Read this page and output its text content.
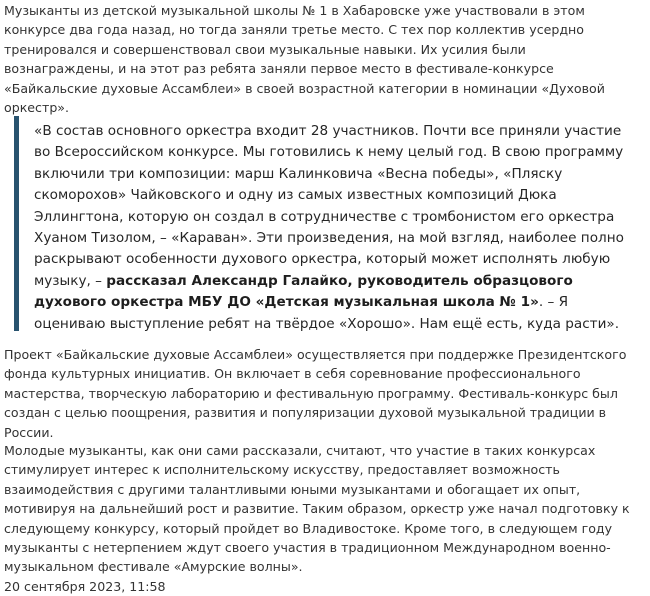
Музыканты из детской музыкальной школы № 1 в Хабаровске уже участвовали в этом конкурсе два года назад, но тогда заняли третье место. С тех пор коллектив усердно тренировался и совершенствовал свои музыкальные навыки. Их усилия были вознаграждены, и на этот раз ребята заняли первое место в фестивале-конкурсе «Байкальские духовые Ассамблеи» в своей возрастной категории в номинации «Духовой оркестр».

«В состав основного оркестра входит 28 участников. Почти все приняли участие во Всероссийском конкурсе. Мы готовились к нему целый год. В свою программу включили три композиции: марш Калинковича «Весна победы», «Пляску скоморохов» Чайковского и одну из самых известных композиций Дюка Эллингтона, которую он создал в сотрудничестве с тромбонистом его оркестра Хуаном Тизолом, – «Караван». Эти произведения, на мой взгляд, наиболее полно раскрывают особенности духового оркестра, который может исполнять любую музыку, – рассказал Александр Галайко, руководитель образцового духового оркестра МБУ ДО «Детская музыкальная школа № 1». – Я оцениваю выступление ребят на твёрдое «Хорошо». Нам ещё есть, куда расти».

Проект «Байкальские духовые Ассамблеи» осуществляется при поддержке Президентского фонда культурных инициатив. Он включает в себя соревнование профессионального мастерства, творческую лабораторию и фестивальную программу. Фестиваль-конкурс был создан с целью поощрения, развития и популяризации духовой музыкальной традиции в России.

Молодые музыканты, как они сами рассказали, считают, что участие в таких конкурсах стимулирует интерес к исполнительскому искусству, предоставляет возможность взаимодействия с другими талантливыми юными музыкантами и обогащает их опыт, мотивируя на дальнейший рост и развитие. Таким образом, оркестр уже начал подготовку к следующему конкурсу, который пройдет во Владивостоке. Кроме того, в следующем году музыканты с нетерпением ждут своего участия в традиционном Международном военно-музыкальном фестивале «Амурские волны».

20 сентября 2023, 11:58
